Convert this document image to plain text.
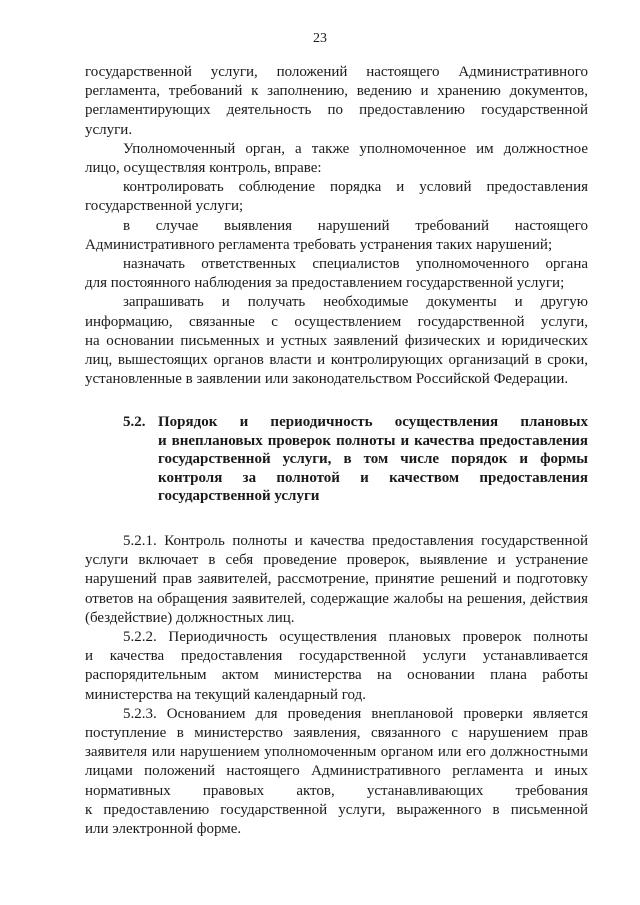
23

государственной услуги, положений настоящего Административного
регламента, требований к заполнению, ведению и хранению документов,
регламентирующих деятельность по предоставлению государственной
услуги.

Уполномоченный орган, а также уполномоченное им должностное
лицо, осуществляя контроль, вправе:

контролировать соблюдение порядка и условий предоставления
государственной услуги;

в случае выявления нарушений требований настоящего
Административного регламента требовать устранения таких нарушений;

назначать ответственных специалистов уполномоченного органа
для постоянного наблюдения за предоставлением государственной услуги;

запрашивать и получать необходимые документы и другую
информацию, связанные с осуществлением государственной услуги,
на основании письменных и устных заявлений физических и юридических
лиц, вышестоящих органов власти и контролирующих организаций в сроки,
установленные в заявлении или законодательством Российской Федерации.

5.2. Порядок и периодичность осуществления плановых
и внеплановых проверок полноты и качества предоставления
государственной услуги, в том числе порядок и формы
контроля за полнотой и качеством предоставления
государственной услуги

5.2.1. Контроль полноты и качества предоставления государственной
услуги включает в себя проведение проверок, выявление и устранение
нарушений прав заявителей, рассмотрение, принятие решений и подготовку
ответов на обращения заявителей, содержащие жалобы на решения, действия
(бездействие) должностных лиц.

5.2.2. Периодичность осуществления плановых проверок полноты
и качества предоставления государственной услуги устанавливается
распорядительным актом министерства на основании плана работы
министерства на текущий календарный год.

5.2.3. Основанием для проведения внеплановой проверки является
поступление в министерство заявления, связанного с нарушением прав
заявителя или нарушением уполномоченным органом или его должностными
лицами положений настоящего Административного регламента и иных
нормативных правовых актов, устанавливающих требования
к предоставлению государственной услуги, выраженного в письменной
или электронной форме.
